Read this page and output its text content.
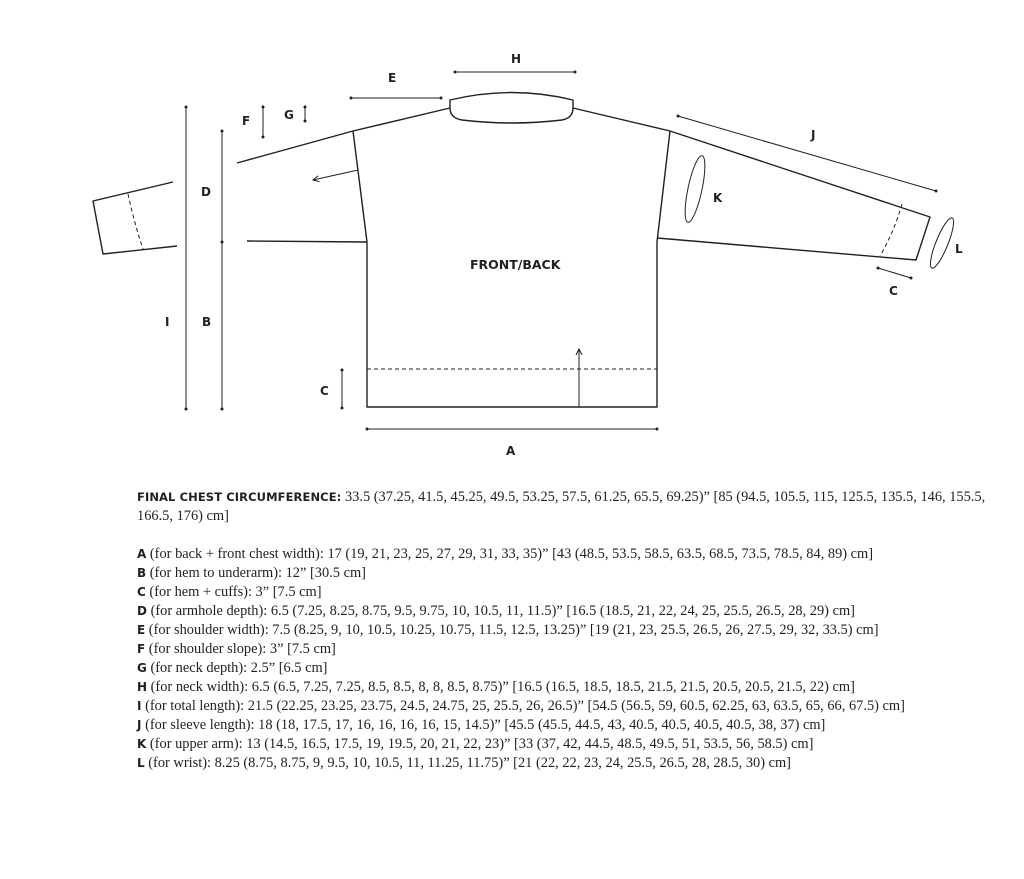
H
E
F	G
J
D	K
L
FRONT/BACK
C
I	B
C
A

FINAL CHEST CIRCUMFERENCE: 33.5 (37.25, 41.5, 45.25, 49.5, 53.25, 57.5, 61.25, 65.5, 69.25)” [85 (94.5, 105.5, 115, 125.5, 135.5, 146, 155.5, 166.5, 176) cm]

A (for back + front chest width): 17 (19, 21, 23, 25, 27, 29, 31, 33, 35)” [43 (48.5, 53.5, 58.5, 63.5, 68.5, 73.5, 78.5, 84, 89) cm]

B (for hem to underarm): 12” [30.5 cm]

C (for hem + cuffs): 3” [7.5 cm]

D (for armhole depth): 6.5 (7.25, 8.25, 8.75, 9.5, 9.75, 10, 10.5, 11, 11.5)” [16.5 (18.5, 21, 22, 24, 25, 25.5, 26.5, 28, 29) cm]

E (for shoulder width): 7.5 (8.25, 9, 10, 10.5, 10.25, 10.75, 11.5, 12.5, 13.25)” [19 (21, 23, 25.5, 26.5, 26, 27.5, 29, 32, 33.5) cm]

F (for shoulder slope): 3” [7.5 cm]

G (for neck depth): 2.5” [6.5 cm]

H (for neck width): 6.5 (6.5, 7.25, 7.25, 8.5, 8.5, 8, 8, 8.5, 8.75)” [16.5 (16.5, 18.5, 18.5, 21.5, 21.5, 20.5, 20.5, 21.5, 22) cm]

I (for total length): 21.5 (22.25, 23.25, 23.75, 24.5, 24.75, 25, 25.5, 26, 26.5)” [54.5 (56.5, 59, 60.5, 62.25, 63, 63.5, 65, 66, 67.5) cm]

J (for sleeve length): 18 (18, 17.5, 17, 16, 16, 16, 16, 15, 14.5)” [45.5 (45.5, 44.5, 43, 40.5, 40.5, 40.5, 40.5, 38, 37) cm]

K (for upper arm): 13 (14.5, 16.5, 17.5, 19, 19.5, 20, 21, 22, 23)” [33 (37, 42, 44.5, 48.5, 49.5, 51, 53.5, 56, 58.5) cm]

L (for wrist): 8.25 (8.75, 8.75, 9, 9.5, 10, 10.5, 11, 11.25, 11.75)” [21 (22, 22, 23, 24, 25.5, 26.5, 28, 28.5, 30) cm]
